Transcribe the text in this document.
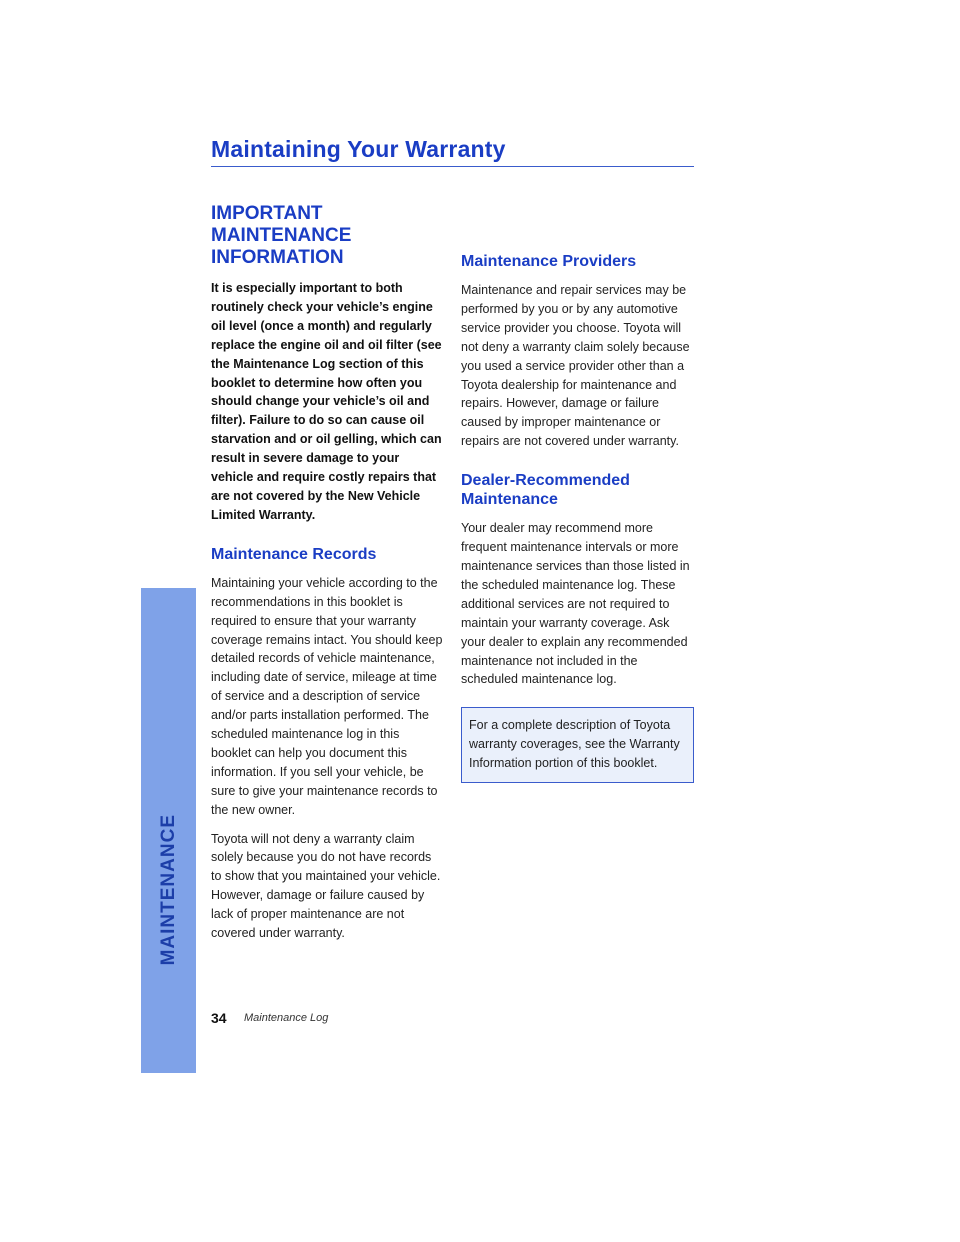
MAINTENANCE
Maintaining Your Warranty
IMPORTANT MAINTENANCE INFORMATION

It is especially important to both routinely check your vehicle’s engine oil level (once a month) and regularly replace the engine oil and oil filter (see the Maintenance Log section of this booklet to determine how often you should change your vehicle’s oil and filter). Failure to do so can cause oil starvation and or oil gelling, which can result in severe damage to your vehicle and require costly repairs that are not covered by the New Vehicle Limited Warranty.

Maintenance Records

Maintaining your vehicle according to the recommendations in this booklet is required to ensure that your warranty coverage remains intact. You should keep detailed records of vehicle maintenance, including date of service, mileage at time of service and a description of service and/or parts installation performed. The scheduled maintenance log in this booklet can help you document this information. If you sell your vehicle, be sure to give your maintenance records to the new owner.

Toyota will not deny a warranty claim solely because you do not have records to show that you maintained your vehicle. However, damage or failure caused by lack of proper maintenance are not covered under warranty.

Maintenance Providers

Maintenance and repair services may be performed by you or by any automotive service provider you choose. Toyota will not deny a warranty claim solely because you used a service provider other than a Toyota dealership for maintenance and repairs. However, damage or failure caused by improper maintenance or repairs are not covered under warranty.

Dealer-Recommended Maintenance

Your dealer may recommend more frequent maintenance intervals or more maintenance services than those listed in the scheduled maintenance log. These additional services are not required to maintain your warranty coverage. Ask your dealer to explain any recommended maintenance not included in the scheduled maintenance log.

For a complete description of Toyota warranty coverages, see the Warranty Information portion of this booklet.

34 Maintenance Log
